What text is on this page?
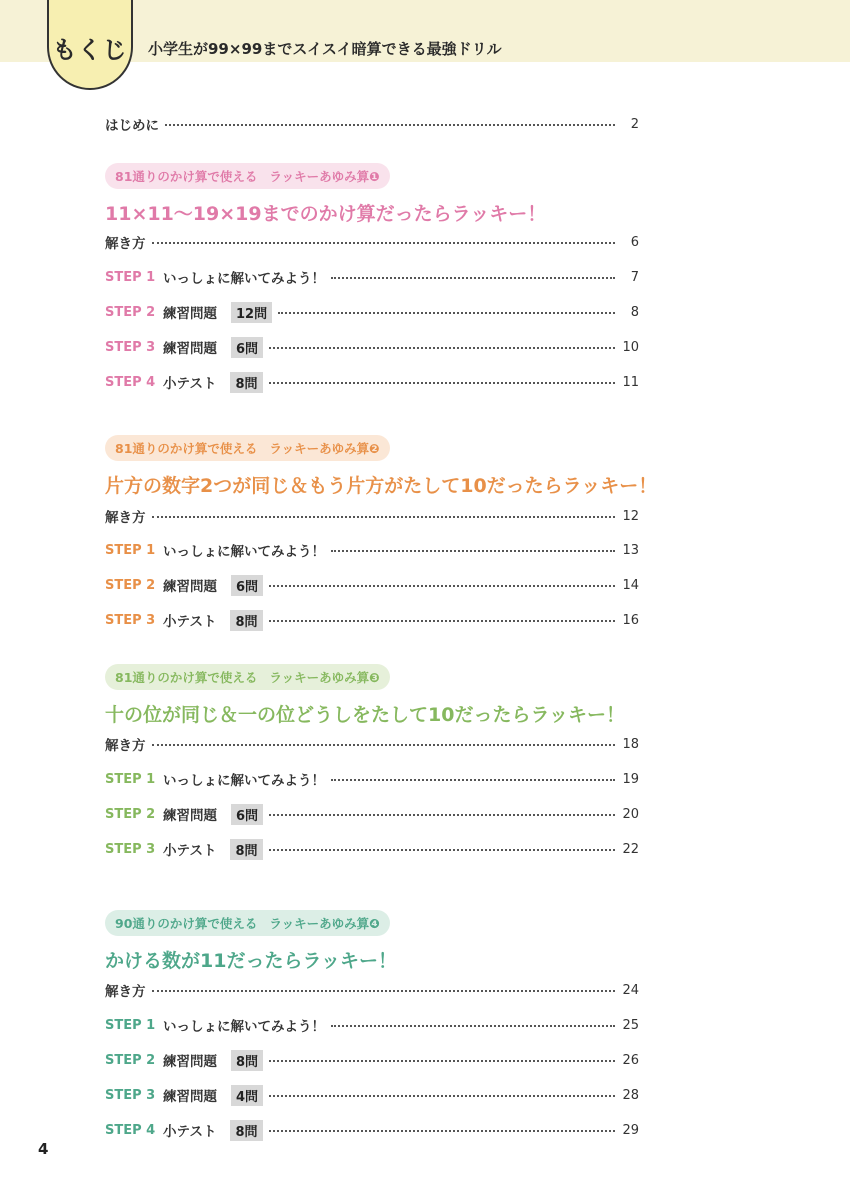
もくじ	小学生が99×99までスイスイ暗算できる最強ドリル
はじめに	2
81通りのかけ算で使える ラッキーあゆみ算❶
11×11～19×19までのかけ算だったらラッキー！
解き方	6
STEP 1 いっしょに解いてみよう！	7
STEP 2 練習問題	12問	8
STEP 3 練習問題	6問	10
STEP 4 小テスト	8問	11
81通りのかけ算で使える ラッキーあゆみ算❷
片方の数字2つが同じ＆もう片方がたして10だったらラッキー！
解き方	12
STEP 1 いっしょに解いてみよう！	13
STEP 2 練習問題	6問	14
STEP 3 小テスト	8問	16
81通りのかけ算で使える ラッキーあゆみ算❸
十の位が同じ＆一の位どうしをたして10だったらラッキー！
解き方	18
STEP 1 いっしょに解いてみよう！	19
STEP 2 練習問題	6問	20
STEP 3 小テスト	8問	22
90通りのかけ算で使える ラッキーあゆみ算❹
かける数が11だったらラッキー！
解き方	24
STEP 1 いっしょに解いてみよう！	25
STEP 2 練習問題	8問	26
STEP 3 練習問題	4問	28
STEP 4 小テスト	8問	29
4
